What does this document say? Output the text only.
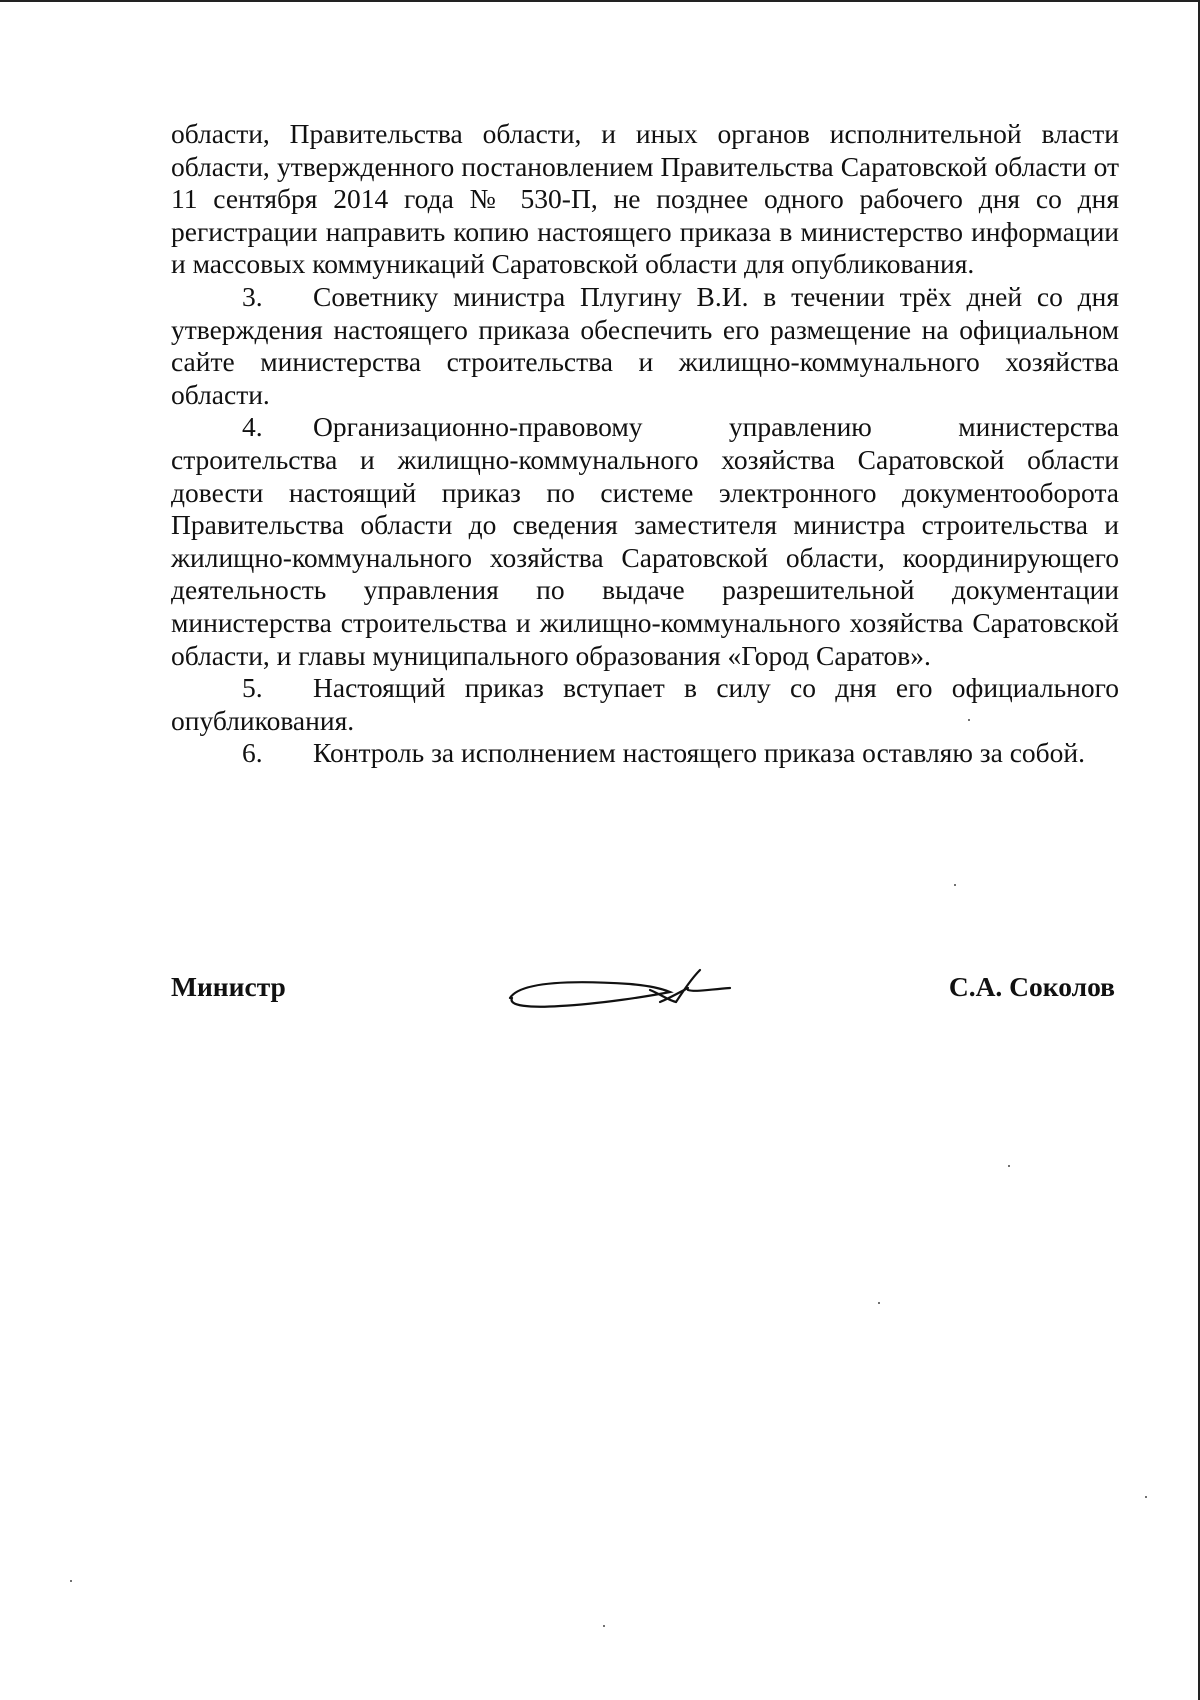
области, Правительства области, и иных органов исполнительной власти области, утвержденного постановлением Правительства Саратовской области от 11 сентября 2014 года № 530-П, не позднее одного рабочего дня со дня регистрации направить копию настоящего приказа в министерство информации и массовых коммуникаций Саратовской области для опубликования.

3. Советнику министра Плугину В.И. в течении трёх дней со дня утверждения настоящего приказа обеспечить его размещение на официальном сайте министерства строительства и жилищно-коммунального хозяйства области.

4. Организационно-правовому управлению министерства строительства и жилищно-коммунального хозяйства Саратовской области довести настоящий приказ по системе электронного документооборота Правительства области до сведения заместителя министра строительства и жилищно-коммунального хозяйства Саратовской области, координирующего деятельность управления по выдаче разрешительной документации министерства строительства и жилищно-коммунального хозяйства Саратовской области, и главы муниципального образования «Город Саратов».

5. Настоящий приказ вступает в силу со дня его официального опубликования.

6. Контроль за исполнением настоящего приказа оставляю за собой.

Министр	С.А. Соколов
